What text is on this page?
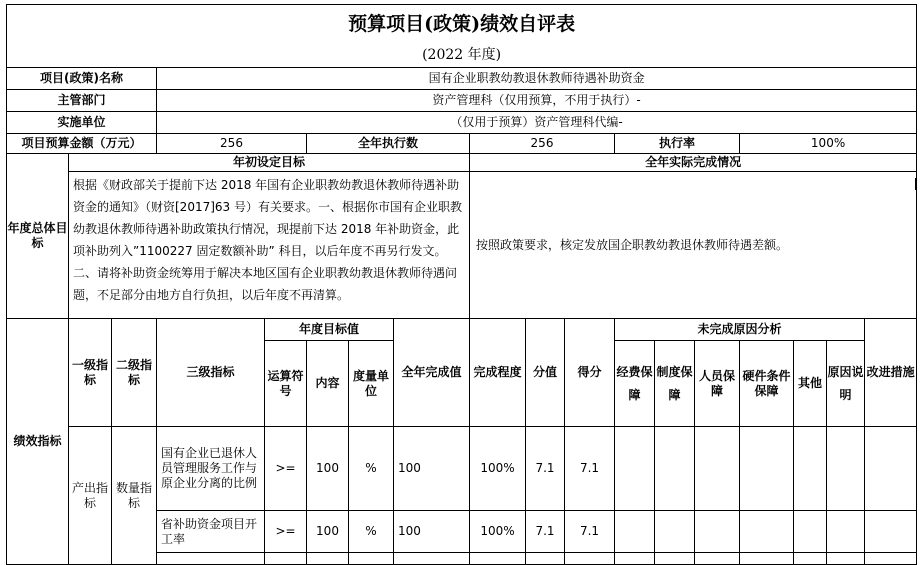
预算项目(政策)绩效自评表																	
(2022 年度)																	
项目(政策)名称			国有企业职教幼教退休教师待遇补助资金														
主管部门			资产管理科（仅用预算，不用于执行）-														
实施单位			（仅用于预算）资产管理科代编-														
项目预算金额（万元）			256		全年执行数			256			执行率			100%			
年度总体目标	年初设定目标							全年实际完成情况									
	根据《财政部关于提前下达 2018 年国有企业职教幼教退休教师待遇补助资金的通知》（财资[2017]63 号）有关要求。一、根据你市国有企业职教幼教退休教师待遇补助政策执行情况，现提前下达 2018 年补助资金，此项补助列入”1100227 固定数额补助” 科目，以后年度不再另行发文。二、请将补助资金统筹用于解决本地区国有企业职教幼教退休教师待遇问题，不足部分由地方自行负担，以后年度不再清算。							按照政策要求，核定发放国企职教幼教退休教师待遇差额。									
绩效指标	一级指标	二级指标	三级指标	年度目标值			全年完成值	完成程度	分值	得分	未完成原因分析						改进措施
				运算符号	内容	度量单位					经费保障	制度保障	人员保障	硬件条件保障	其他	原因说明	
	产出指标	数量指标	国有企业已退休人员管理服务工作与原企业分离的比例	>=	100	%	100	100%	7.1	7.1							
			省补助资金项目开工率	>=	100	%	100	100%	7.1	7.1							
